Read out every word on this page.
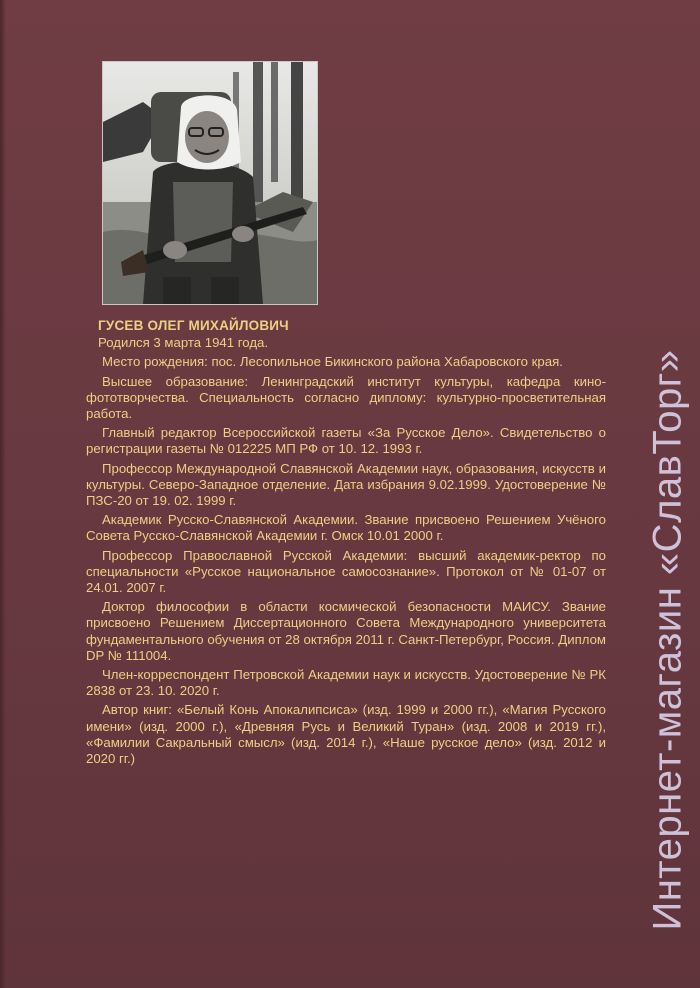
ГУСЕВ ОЛЕГ МИХАЙЛОВИЧ

Родился 3 марта 1941 года.

Место рождения: пос. Лесопильное Бикинского района Хабаровского края.

Высшее образование: Ленинградский институт культуры, кафедра кино- фототворчества. Специальность согласно диплому: культурно-просветительная работа.

Главный редактор Всероссийской газеты «За Русское Дело». Свидетельство о регистрации газеты № 012225 МП РФ от 10. 12. 1993 г.

Профессор Международной Славянской Академии наук, образования, искусств и культуры. Северо-Западное отделение. Дата избрания 9.02.1999. Удостоверение № ПЗС-20 от 19. 02. 1999 г.

Академик Русско-Славянской Академии. Звание присвоено Решением Учёного Совета Русско-Славянской Академии г. Омск 10.01 2000 г.

Профессор Православной Русской Академии: высший академик-ректор по специальности «Русское национальное самосознание». Протокол от № 01-07 от 24.01. 2007 г.

Доктор философии в области космической безопасности МАИСУ. Звание присвоено Решением Диссертационного Совета Международного университета фундаментального обучения от 28 октября 2011 г. Санкт-Петербург, Россия. Диплом DP № 111004.

Член-корреспондент Петровской Академии наук и искусств. Удостоверение № РК 2838 от 23. 10. 2020 г.

Автор книг: «Белый Конь Апокалипсиса» (изд. 1999 и 2000 гг.), «Магия Русского имени» (изд. 2000 г.), «Древняя Русь и Великий Туран» (изд. 2008 и 2019 гг.), «Фамилии Сакральный смысл» (изд. 2014 г.), «Наше русское дело» (изд. 2012 и 2020 гг.)	Интернет-магазин «СлавТорг»
